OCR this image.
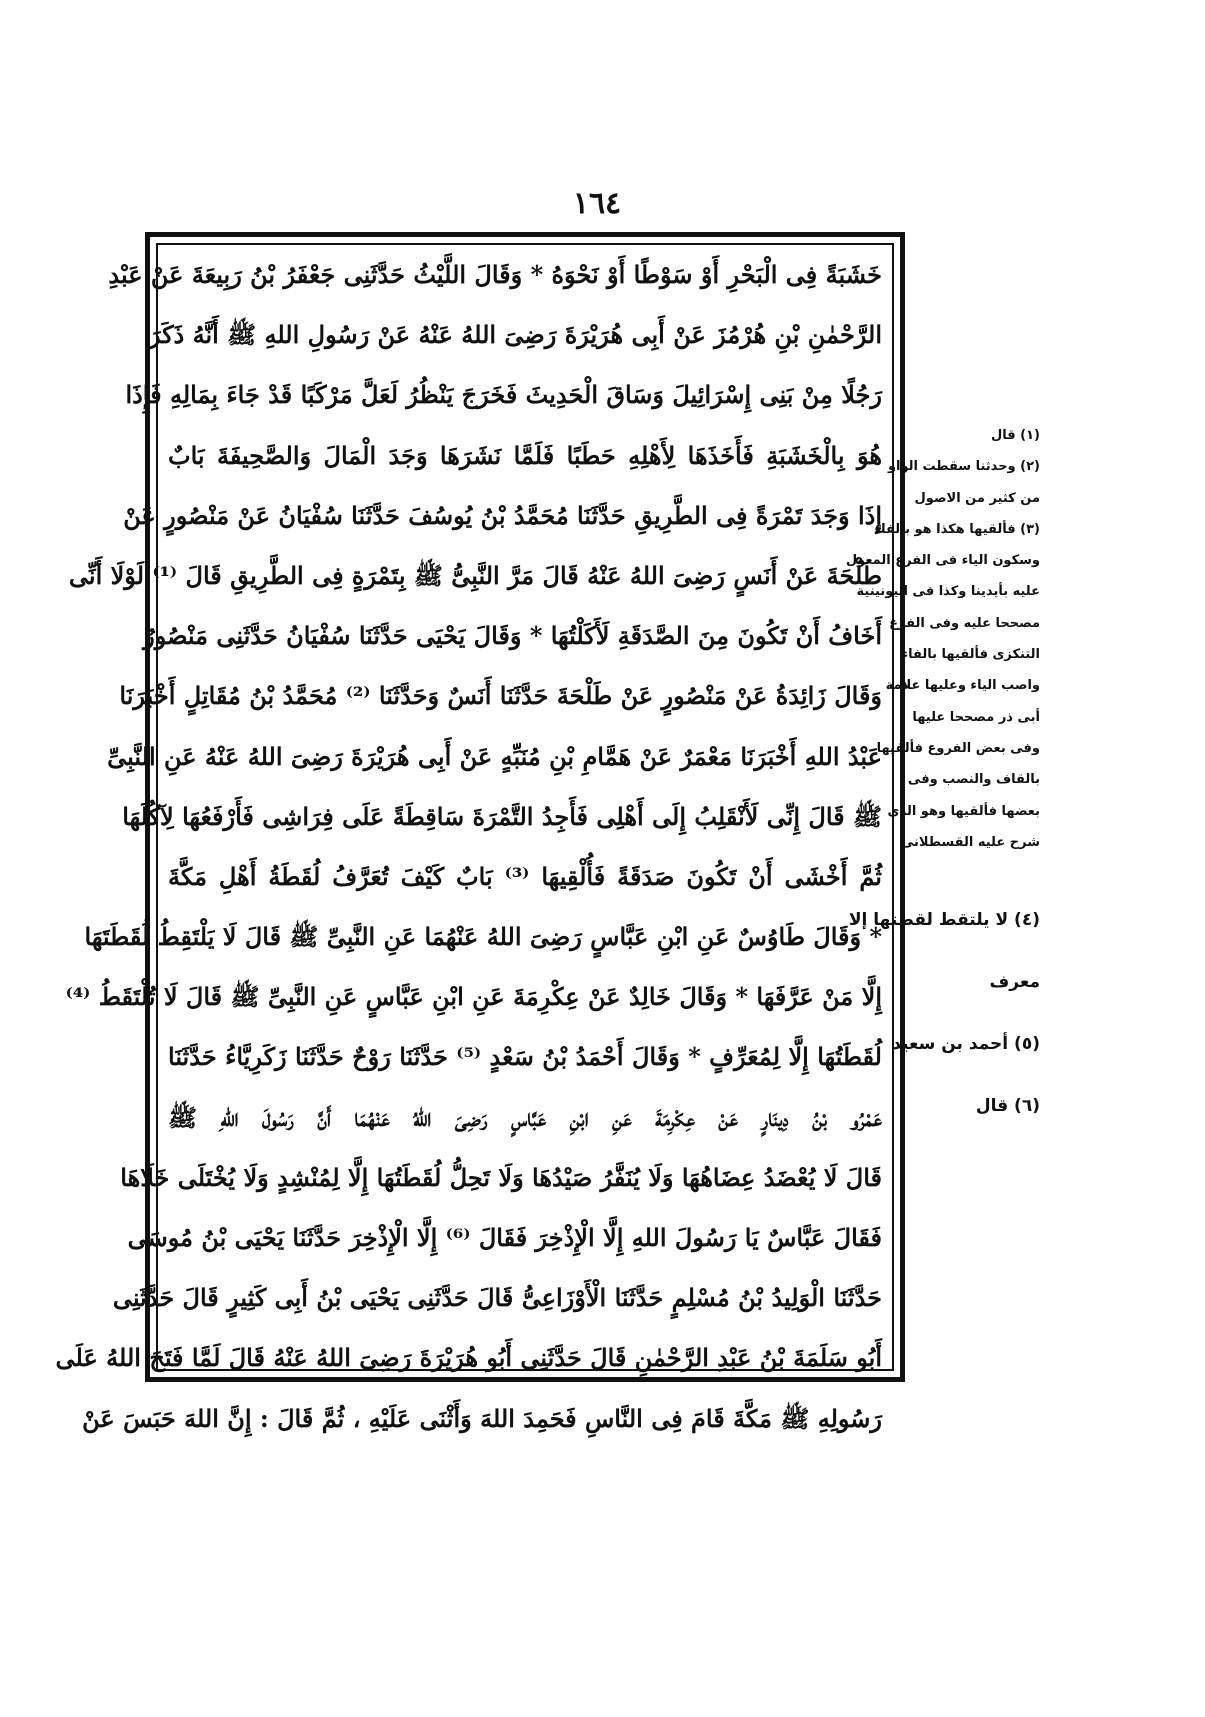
١٦٤
خَشَبَةً فِى الْبَحْرِ أَوْ سَوْطًا أَوْ نَحْوَهُ * وَقَالَ اللَّيْثُ حَدَّثَنِى جَعْفَرُ بْنُ رَبِيعَةَ عَنْ عَبْدِ
الرَّحْمٰنِ بْنِ هُرْمُزَ عَنْ أَبِى هُرَيْرَةَ رَضِىَ اللهُ عَنْهُ عَنْ رَسُولِ اللهِ ﷺ أَنَّهُ ذَكَرَ
رَجُلًا مِنْ بَنِى إِسْرَائِيلَ وَسَاقَ الْحَدِيثَ فَخَرَجَ يَنْظُرُ لَعَلَّ مَرْكَبًا قَدْ جَاءَ بِمَالِهِ فَإِذَا
هُوَ بِالْخَشَبَةِ فَأَخَذَهَا لِأَهْلِهِ حَطَبًا فَلَمَّا نَشَرَهَا وَجَدَ الْمَالَ وَالصَّحِيفَةَ بَابٌ
إِذَا وَجَدَ تَمْرَةً فِى الطَّرِيقِ حَدَّثَنَا مُحَمَّدُ بْنُ يُوسُفَ حَدَّثَنَا سُفْيَانُ عَنْ مَنْصُورٍ عَنْ
طَلْحَةَ عَنْ أَنَسٍ رَضِىَ اللهُ عَنْهُ قَالَ مَرَّ النَّبِىُّ ﷺ بِتَمْرَةٍ فِى الطَّرِيقِ قَالَ ⁽¹⁾ لَوْلَا أَنِّى
أَخَافُ أَنْ تَكُونَ مِنَ الصَّدَقَةِ لَأَكَلْتُهَا * وَقَالَ يَحْيَى حَدَّثَنَا سُفْيَانُ حَدَّثَنِى مَنْصُورٌ
وَقَالَ زَائِدَةُ عَنْ مَنْصُورٍ عَنْ طَلْحَةَ حَدَّثَنَا أَنَسٌ وَحَدَّثَنَا ⁽²⁾ مُحَمَّدُ بْنُ مُقَاتِلٍ أَخْبَرَنَا
عَبْدُ اللهِ أَخْبَرَنَا مَعْمَرٌ عَنْ هَمَّامِ بْنِ مُنَبِّهٍ عَنْ أَبِى هُرَيْرَةَ رَضِىَ اللهُ عَنْهُ عَنِ النَّبِىِّ
ﷺ قَالَ إِنِّى لَأَنْقَلِبُ إِلَى أَهْلِى فَأَجِدُ التَّمْرَةَ سَاقِطَةً عَلَى فِرَاشِى فَأَرْفَعُهَا لِآكُلَهَا
ثُمَّ أَخْشَى أَنْ تَكُونَ صَدَقَةً فَأُلْقِيهَا ⁽³⁾ بَابٌ كَيْفَ تُعَرَّفُ لُقَطَةُ أَهْلِ مَكَّةَ
* وَقَالَ طَاوُسٌ عَنِ ابْنِ عَبَّاسٍ رَضِىَ اللهُ عَنْهُمَا عَنِ النَّبِىِّ ﷺ قَالَ لَا يَلْتَقِطُ لُقَطَتَهَا
إِلَّا مَنْ عَرَّفَهَا * وَقَالَ خَالِدٌ عَنْ عِكْرِمَةَ عَنِ ابْنِ عَبَّاسٍ عَنِ النَّبِىِّ ﷺ قَالَ لَا تُلْتَقَطُ ⁽⁴⁾
لُقَطَتُهَا إِلَّا لِمُعَرِّفٍ * وَقَالَ أَحْمَدُ بْنُ سَعْدٍ ⁽⁵⁾ حَدَّثَنَا رَوْحٌ حَدَّثَنَا زَكَرِيَّاءُ حَدَّثَنَا
عَمْرُو بْنُ دِينَارٍ عَنْ عِكْرِمَةَ عَنِ ابْنِ عَبَّاسٍ رَضِىَ اللهُ عَنْهُمَا أَنَّ رَسُولَ اللهِ ﷺ
قَالَ لَا يُعْضَدُ عِضَاهُهَا وَلَا يُنَفَّرُ صَيْدُهَا وَلَا تَحِلُّ لُقَطَتُهَا إِلَّا لِمُنْشِدٍ وَلَا يُخْتَلَى خَلَاهَا
فَقَالَ عَبَّاسٌ يَا رَسُولَ اللهِ إِلَّا الْإِذْخِرَ فَقَالَ ⁽⁶⁾ إِلَّا الْإِذْخِرَ حَدَّثَنَا يَحْيَى بْنُ مُوسَى
حَدَّثَنَا الْوَلِيدُ بْنُ مُسْلِمٍ حَدَّثَنَا الْأَوْزَاعِىُّ قَالَ حَدَّثَنِى يَحْيَى بْنُ أَبِى كَثِيرٍ قَالَ حَدَّثَنِى
أَبُو سَلَمَةَ بْنُ عَبْدِ الرَّحْمٰنِ قَالَ حَدَّثَنِى أَبُو هُرَيْرَةَ رَضِىَ اللهُ عَنْهُ قَالَ لَمَّا فَتَحَ اللهُ عَلَى
رَسُولِهِ ﷺ مَكَّةَ قَامَ فِى النَّاسِ فَحَمِدَ اللهَ وَأَثْنَى عَلَيْهِ ، ثُمَّ قَالَ : إِنَّ اللهَ حَبَسَ عَنْ
(١) قال
(٢) وحدثنا سقطت الواو
من كثير من الاصول
(٣) فألقيها هكذا هو بالفاء
وسكون الياء فى الفرع المعول
عليه بأيدينا وكذا فى اليونينية
مصححا عليه وفى الفرع
التنكزى فألقيها بالفاء
واصب الياء وعليها علامة
أبى ذر مصححا عليها
وفى بعض الفروع فألقيها
بالقاف والنصب وفى
بعضها فألقيها وهو الذى
شرح عليه القسطلانى
(٤) لا يلتقط لقطتها إلا
معرف
(٥) أحمد بن سعيد
(٦) قال
